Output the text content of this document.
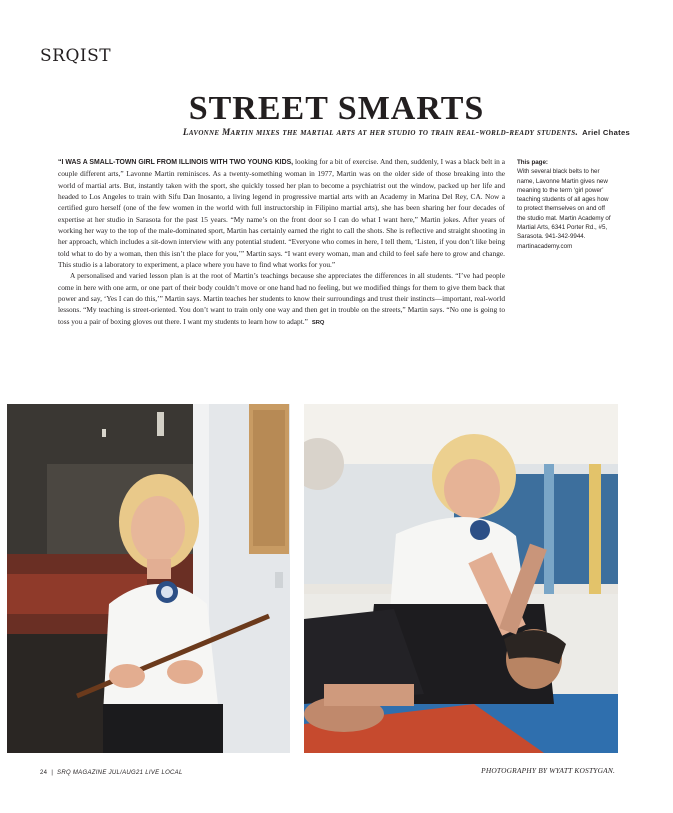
SRQIST
STREET SMARTS
Lavonne Martin mixes the martial arts at her studio to train real-world-ready students. Ariel Chates

“I WAS A SMALL-TOWN GIRL FROM ILLINOIS WITH TWO YOUNG KIDS, looking for a bit of exercise. And then, suddenly, I was a black belt in a couple different arts,” Lavonne Martin reminisces. As a twenty-something woman in 1977, Martin was on the older side of those breaking into the world of martial arts. But, instantly taken with the sport, she quickly tossed her plan to become a psychiatrist out the window, packed up her life and headed to Los Angeles to train with Sifu Dan Inosanto, a living legend in progressive martial arts with an Academy in Marina Del Rey, CA. Now a certified guro herself (one of the few women in the world with full instructorship in Filipino martial arts), she has been sharing her four decades of expertise at her studio in Sarasota for the past 15 years. “My name’s on the front door so I can do what I want here,” Martin jokes. After years of working her way to the top of the male-dominated sport, Martin has certainly earned the right to call the shots. She is reflective and straight shooting in her approach, which includes a sit-down interview with any potential student. “Everyone who comes in here, I tell them, ‘Listen, if you don’t like being told what to do by a woman, then this isn’t the place for you,’” Martin says. “I want every woman, man and child to feel safe here to grow and change. This studio is a laboratory to experiment, a place where you have to find what works for you.”

A personalised and varied lesson plan is at the root of Martin’s teachings because she appreciates the differences in all students. “I’ve had people come in here with one arm, or one part of their body couldn’t move or one hand had no feeling, but we modified things for them to give them back that power and say, ‘Yes I can do this,’” Martin says. Martin teaches her students to know their surroundings and trust their instincts—important, real-world lessons. “My teaching is street-oriented. You don’t want to train only one way and then get in trouble on the streets,” Martin says. “No one is going to toss you a pair of boxing gloves out there. I want my students to learn how to adapt.” SRQ

This page:
With several black belts to her name, Lavonne Martin gives new meaning to the term ‘girl power’ teaching students of all ages how to protect themselves on and off the studio mat. Martin Academy of Martial Arts, 6341 Porter Rd., #5, Sarasota. 941-342-9944. martinacademy.com
24 | SRQ MAGAZINE JUL/AUG21 LIVE LOCAL	PHOTOGRAPHY BY WYATT KOSTYGAN.
